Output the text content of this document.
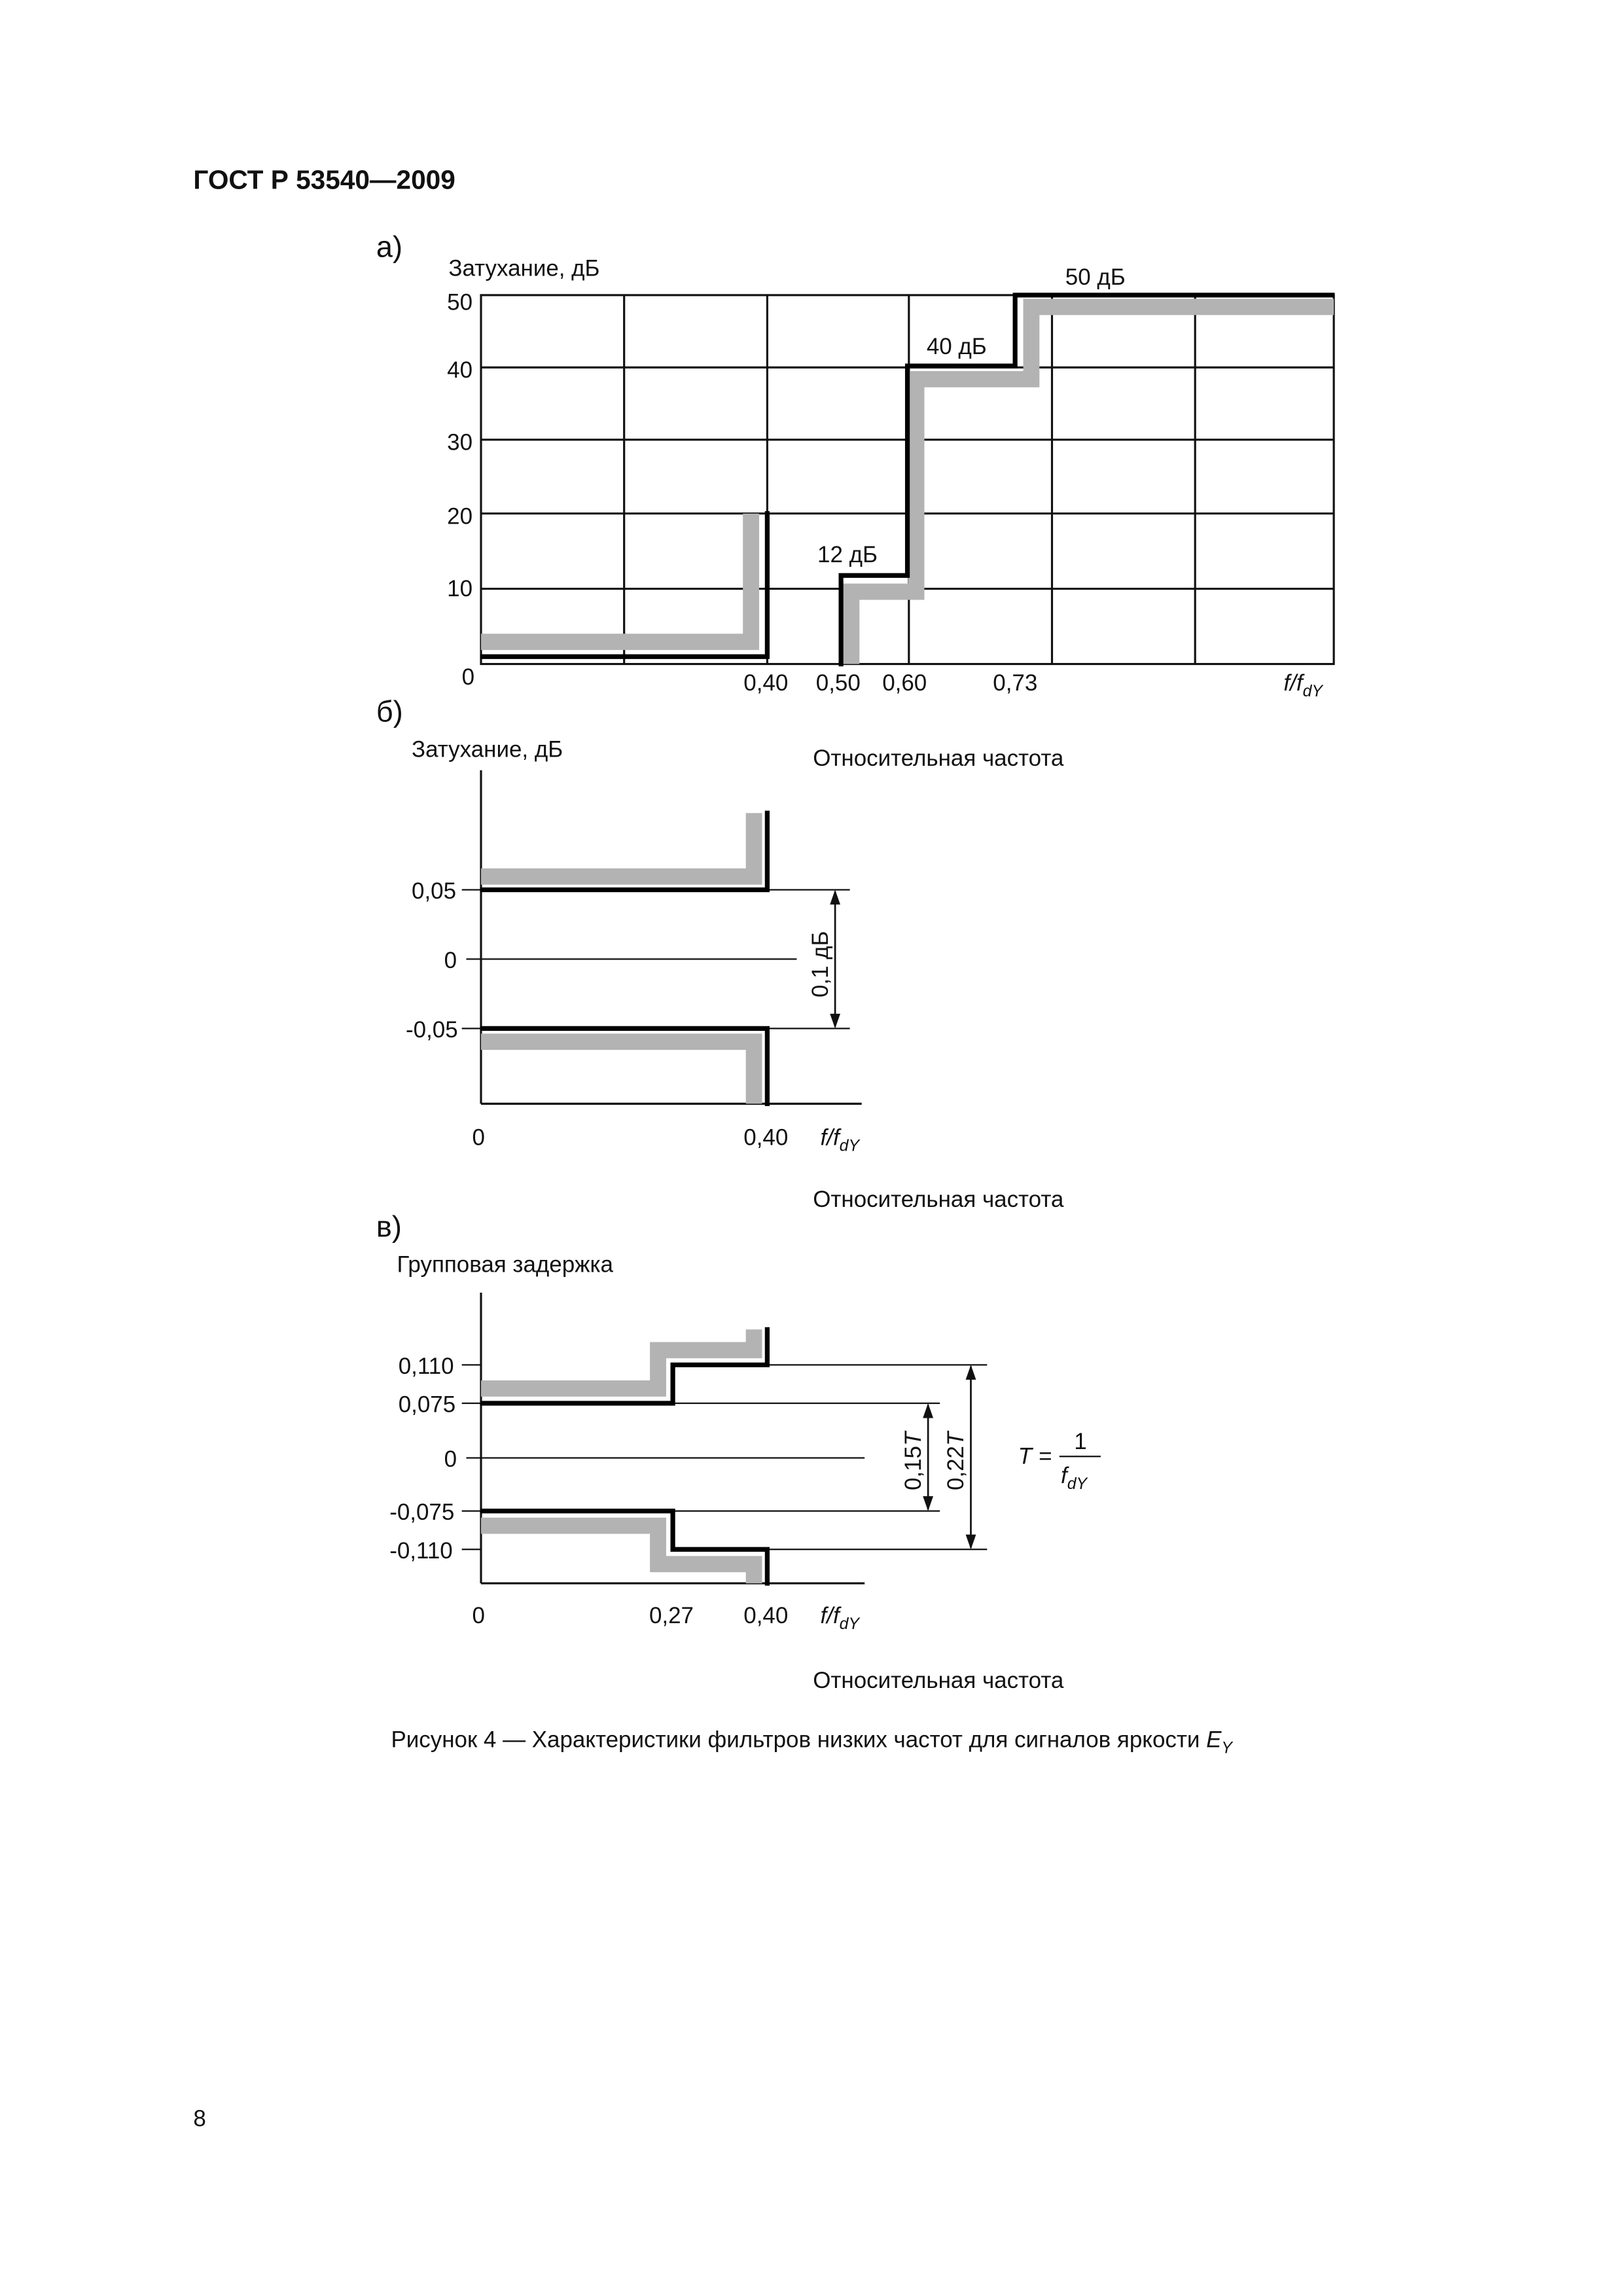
ГОСТ Р 53540—2009
а)
Затухание, дБ
50
40
30
20
10
0	0,40	0,50 0,60	0,73	$f/f_{dY}$
50 дБ
40 дБ
12 дБ
б)
Относительная частота
Затухание, дБ
0,1 дБ
0,05
0
-0,05
0	0,40	$f/f_{dY}$
Относительная частота
в)
Групповая задержка
0,15T
0,22T
T =
1
$f_{dY}$
0,110
0,075
0
-0,075
-0,110
0	0,27	0,40	$f/f_{dY}$
Относительная частота
Рисунок 4 — Характеристики фильтров низких частот для сигналов яркости $E_Y$
8
